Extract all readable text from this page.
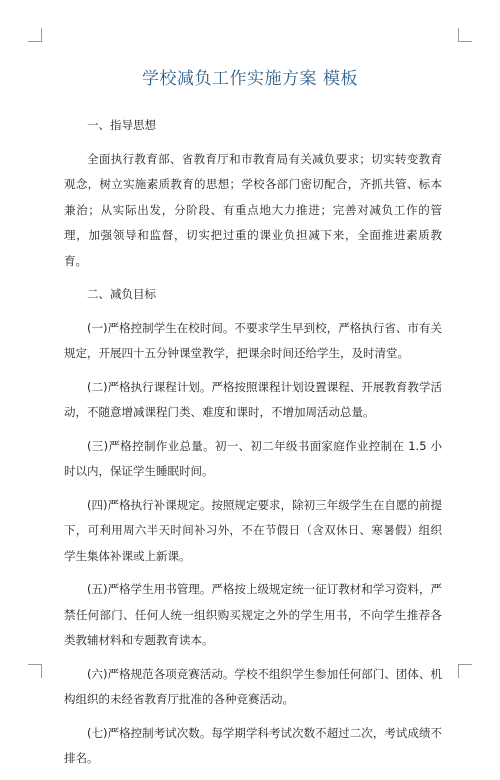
学校减负工作实施方案 模板

一、指导思想

全面执行教育部、省教育厅和市教育局有关减负要求；切实转变教育观念，树立实施素质教育的思想；学校各部门密切配合，齐抓共管、标本兼治；从实际出发，分阶段、有重点地大力推进；完善对减负工作的管理，加强领导和监督，切实把过重的课业负担减下来，全面推进素质教育。

二、减负目标

(一)严格控制学生在校时间。不要求学生早到校，严格执行省、市有关规定，开展四十五分钟课堂教学，把课余时间还给学生，及时清堂。

(二)严格执行课程计划。严格按照课程计划设置课程、开展教育教学活动，不随意增减课程门类、难度和课时，不增加周活动总量。

(三)严格控制作业总量。初一、初二年级书面家庭作业控制在 1.5 小时以内，保证学生睡眠时间。

(四)严格执行补课规定。按照规定要求，除初三年级学生在自愿的前提下，可利用周六半天时间补习外，不在节假日（含双休日、寒暑假）组织学生集体补课或上新课。

(五)严格学生用书管理。严格按上级规定统一征订教材和学习资料，严禁任何部门、任何人统一组织购买规定之外的学生用书，不向学生推荐各类教辅材料和专题教育读本。

(六)严格规范各项竞赛活动。学校不组织学生参加任何部门、团体、机构组织的未经省教育厅批准的各种竞赛活动。

(七)严格控制考试次数。每学期学科考试次数不超过二次，考试成绩不排名。
